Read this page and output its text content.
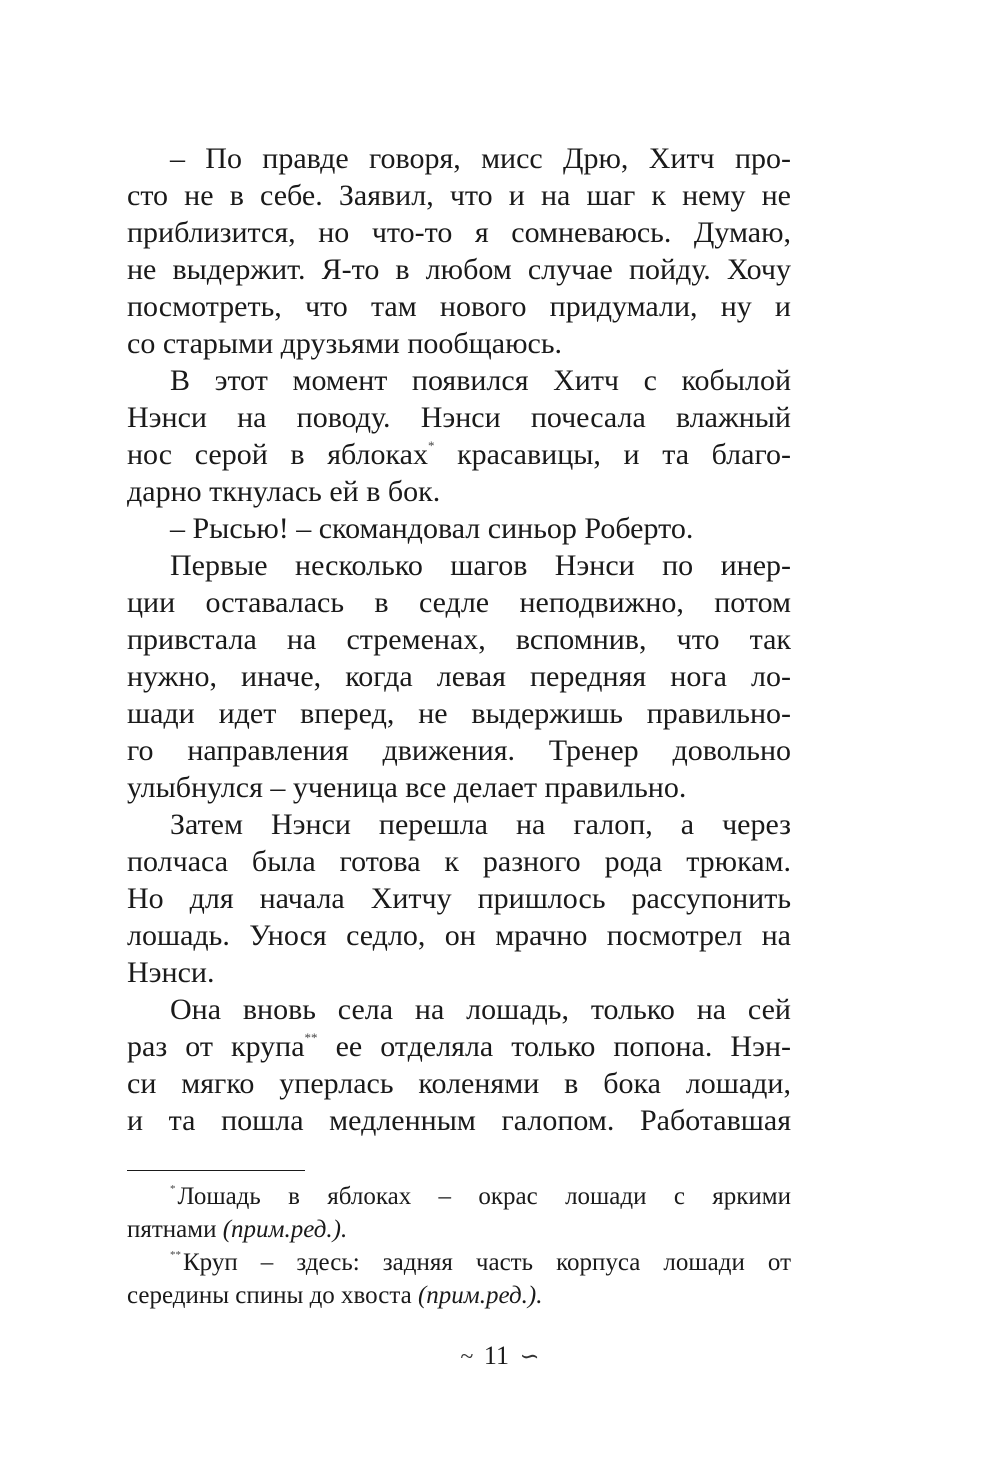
– По правде говоря, мисс Дрю, Хитч про-
сто не в себе. Заявил, что и на шаг к нему не
приблизится, но что-то я сомневаюсь. Думаю,
не выдержит. Я-то в любом случае пойду. Хочу
посмотреть, что там нового придумали, ну и
со старыми друзьями пообщаюсь.
В этот момент появился Хитч с кобылой
Нэнси на поводу. Нэнси почесала влажный
нос серой в яблоках* красавицы, и та благо-
дарно ткнулась ей в бок.
– Рысью! – скомандовал синьор Роберто.
Первые несколько шагов Нэнси по инер-
ции оставалась в седле неподвижно, потом
привстала на стременах, вспомнив, что так
нужно, иначе, когда левая передняя нога ло-
шади идет вперед, не выдержишь правильно-
го направления движения. Тренер довольно
улыбнулся – ученица все делает правильно.
Затем Нэнси перешла на галоп, а через
полчаса была готова к разного рода трюкам.
Но для начала Хитчу пришлось рассупонить
лошадь. Унося седло, он мрачно посмотрел на
Нэнси.
Она вновь села на лошадь, только на сей
раз от крупа** ее отделяла только попона. Нэн-
си мягко уперлась коленями в бока лошади,
и та пошла медленным галопом. Работавшая
*Лошадь в яблоках – окрас лошади с яркими
пятнами (прим.ред.).
**Круп – здесь: задняя часть корпуса лошади от
середины спины до хвоста (прим.ред.).
~ 11 ∽
